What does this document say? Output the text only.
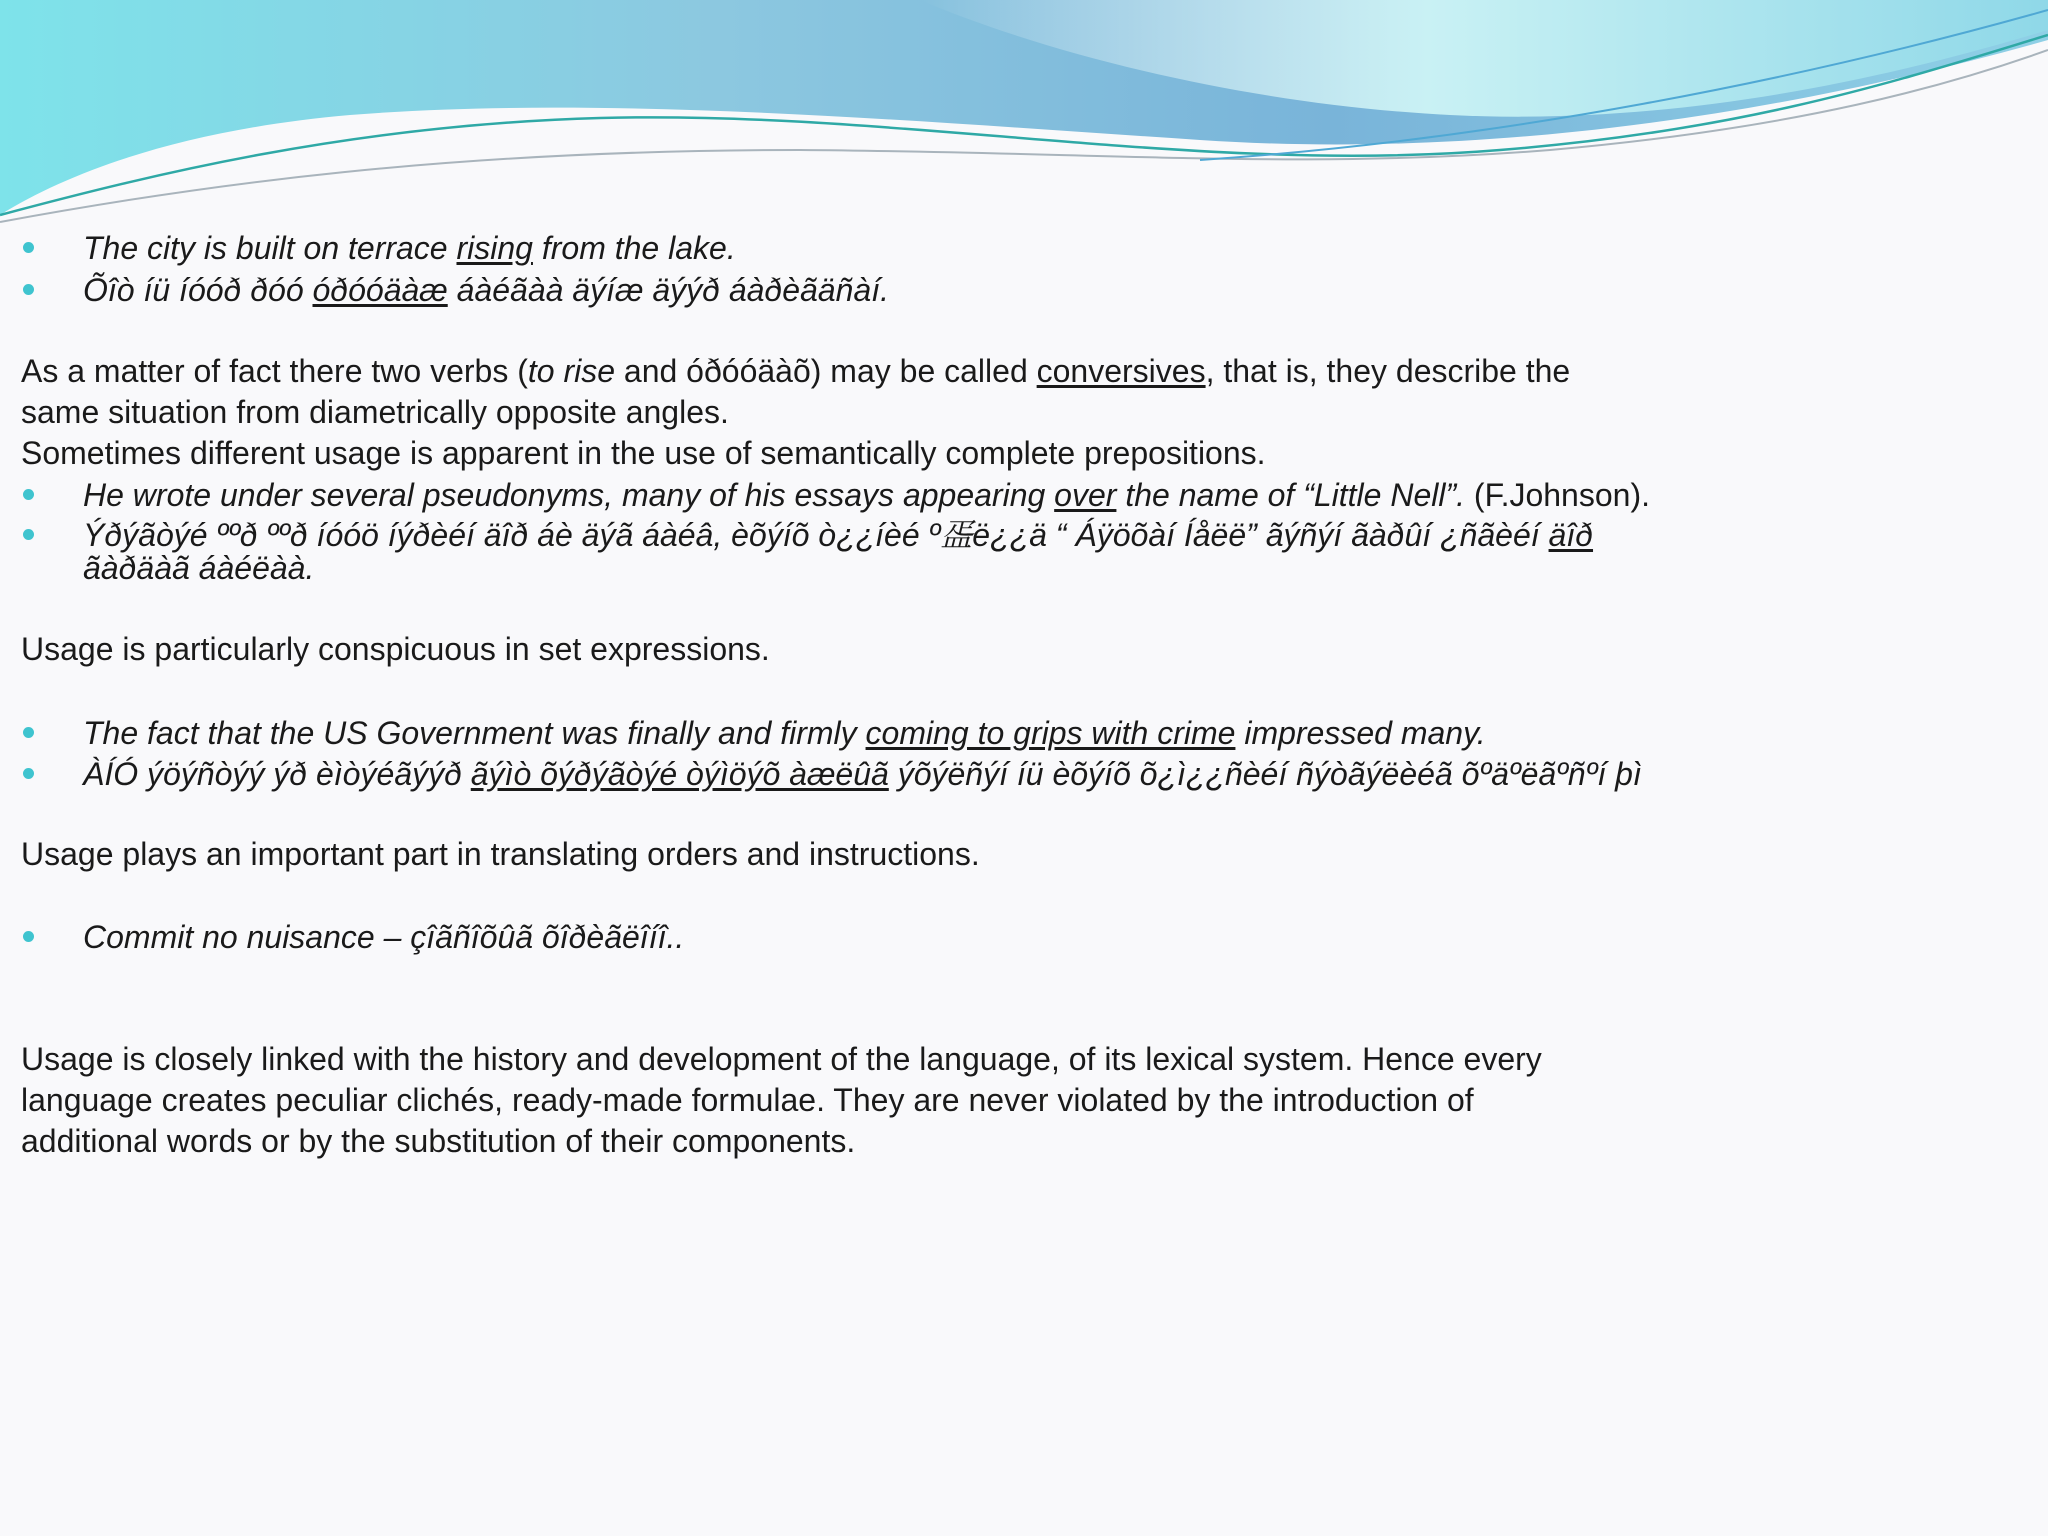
The city is built on terrace rising from the lake.
Õîò íü íóóð ðóó óðóóäàæ áàéãàà äýíæ äýýð áàðèãäñàí.
As a matter of fact there two verbs (to rise and óðóóäàõ) may be called conversives, that is, they describe the
same situation from diametrically opposite angles.
Sometimes different usage is apparent in the use of semantically complete prepositions.
He wrote under several pseudonyms, many of his essays appearing over the name of “Little Nell”. (F.Johnson).
Ýðýãòýé ººð ººð íóóö íýðèéí äîð áè äýã áàéâ, èõýíõ ò¿¿íèé º㿿ë¿¿ä “ Áÿöõàí Íåëë” ãýñýí ãàðûí ¿ñãèéí äîð
ãàðäàã áàéëàà.
Usage is particularly conspicuous in set expressions.
The fact that the US Government was finally and firmly coming to grips with crime impressed many.
ÀÍÓ ýöýñòýý ýð èìòýéãýýð ãýìò õýðýãòýé òýìöýõ àæëûã ýõýëñýí íü èõýíõ õ¿ì¿¿ñèéí ñýòãýëèéã õºäºëãºñºí þì
Usage plays an important part in translating orders and instructions.
Commit no nuisance – çîãñîõûã õîðèãëîíî..
Usage is closely linked with the history and development of the language, of its lexical system. Hence every
language creates peculiar clichés, ready-made formulae. They are never violated by the introduction of
additional words or by the substitution of their components.
